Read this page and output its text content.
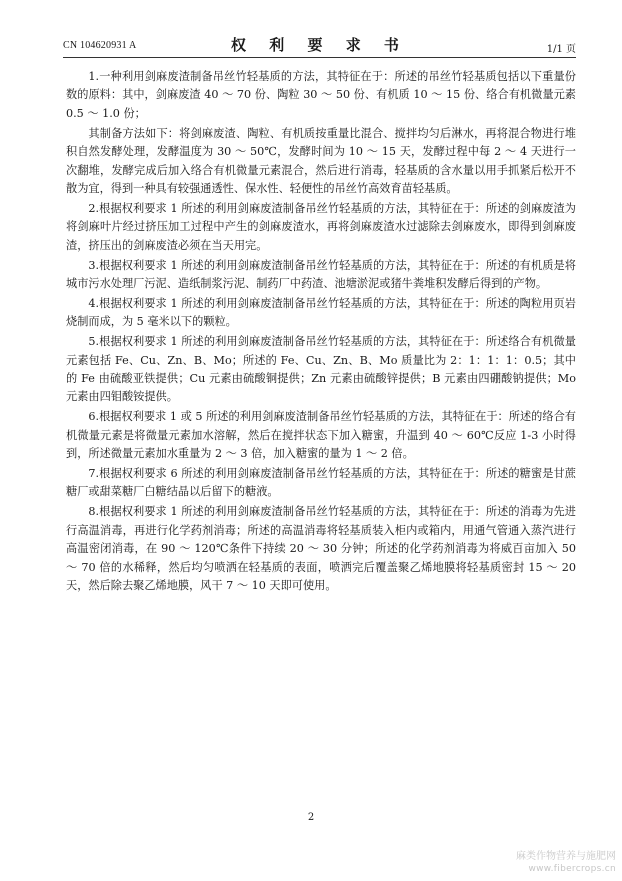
CN 104620931 A	权 利 要 求 书	1/1 页

1.一种利用剑麻废渣制备吊丝竹轻基质的方法，其特征在于：所述的吊丝竹轻基质包括以下重量份数的原料：其中，剑麻废渣 40 ～ 70 份、陶粒 30 ～ 50 份、有机质 10 ～ 15 份、络合有机微量元素 0.5 ～ 1.0 份；

其制备方法如下：将剑麻废渣、陶粒、有机质按重量比混合、搅拌均匀后淋水，再将混合物进行堆积自然发酵处理，发酵温度为 30 ～ 50℃，发酵时间为 10 ～ 15 天，发酵过程中每 2 ～ 4 天进行一次翻堆，发酵完成后加入络合有机微量元素混合，然后进行消毒，轻基质的含水量以用手抓紧后松开不散为宜，得到一种具有较强通透性、保水性、轻便性的吊丝竹高效育苗轻基质。

2.根据权利要求 1 所述的利用剑麻废渣制备吊丝竹轻基质的方法，其特征在于：所述的剑麻废渣为将剑麻叶片经过挤压加工过程中产生的剑麻废渣水，再将剑麻废渣水过滤除去剑麻废水，即得到剑麻废渣，挤压出的剑麻废渣必须在当天用完。

3.根据权利要求 1 所述的利用剑麻废渣制备吊丝竹轻基质的方法，其特征在于：所述的有机质是将城市污水处理厂污泥、造纸制浆污泥、制药厂中药渣、池塘淤泥或猪牛粪堆积发酵后得到的产物。

4.根据权利要求 1 所述的利用剑麻废渣制备吊丝竹轻基质的方法，其特征在于：所述的陶粒用页岩烧制而成，为 5 毫米以下的颗粒。

5.根据权利要求 1 所述的利用剑麻废渣制备吊丝竹轻基质的方法，其特征在于：所述络合有机微量元素包括 Fe、Cu、Zn、B、Mo；所述的 Fe、Cu、Zn、B、Mo 质量比为 2：1：1：1：0.5；其中的 Fe 由硫酸亚铁提供；Cu 元素由硫酸铜提供；Zn 元素由硫酸锌提供；B 元素由四硼酸钠提供；Mo 元素由四钼酸铵提供。

6.根据权利要求 1 或 5 所述的利用剑麻废渣制备吊丝竹轻基质的方法，其特征在于：所述的络合有机微量元素是将微量元素加水溶解，然后在搅拌状态下加入糖蜜，升温到 40 ～ 60℃反应 1-3 小时得到，所述微量元素加水重量为 2 ～ 3 倍，加入糖蜜的量为 1 ～ 2 倍。

7.根据权利要求 6 所述的利用剑麻废渣制备吊丝竹轻基质的方法，其特征在于：所述的糖蜜是甘蔗糖厂或甜菜糖厂白糖结晶以后留下的糖液。

8.根据权利要求 1 所述的利用剑麻废渣制备吊丝竹轻基质的方法，其特征在于：所述的消毒为先进行高温消毒，再进行化学药剂消毒；所述的高温消毒将轻基质装入柜内或箱内，用通气管通入蒸汽进行高温密闭消毒，在 90 ～ 120℃条件下持续 20 ～ 30 分钟；所述的化学药剂消毒为将威百亩加入 50 ～ 70 倍的水稀释，然后均匀喷洒在轻基质的表面，喷洒完后覆盖聚乙烯地膜将轻基质密封 15 ～ 20 天，然后除去聚乙烯地膜，风干 7 ～ 10 天即可使用。

2
麻类作物营养与施肥网
www.fibercrops.cn
